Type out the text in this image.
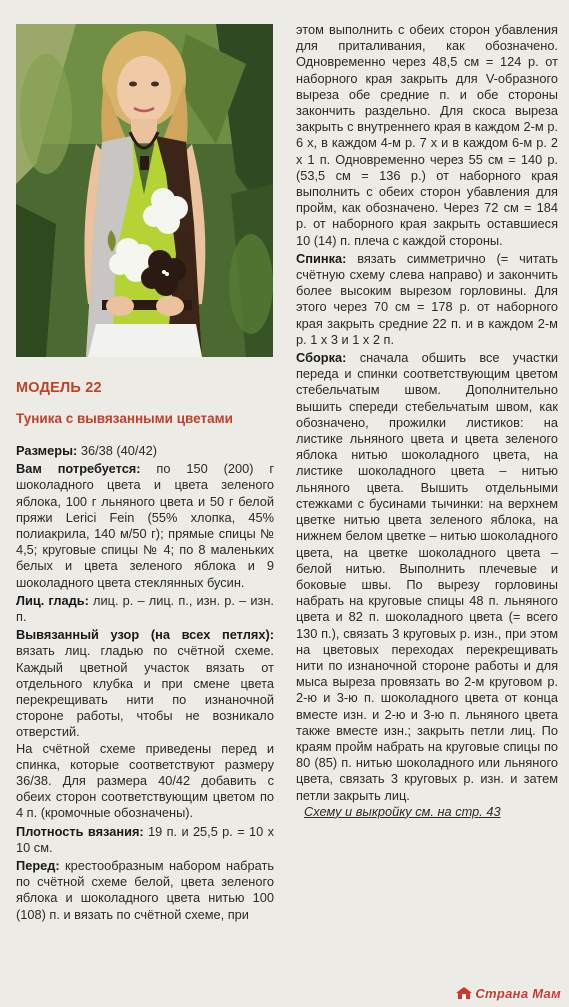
МОДЕЛЬ 22
Туника с вывязанными цветами

Размеры: 36/38 (40/42)

Вам потребуется: по 150 (200) г шоколадного цвета и цвета зеленого яблока, 100 г льняного цвета и 50 г белой пряжи Lerici Fein (55% хлопка, 45% полиакрила, 140 м/50 г); прямые спицы № 4,5; круговые спицы № 4; по 8 маленьких белых и цвета зеленого яблока и 9 шоколадного цвета стеклянных бусин.

Лиц. гладь: лиц. р. – лиц. п., изн. р. – изн. п.

Вывязанный узор (на всех петлях): вязать лиц. гладью по счётной схеме. Каждый цветной участок вязать от отдельного клубка и при смене цвета перекрещивать нити по изнаночной стороне работы, чтобы не возникало отверстий.

На счётной схеме приведены перед и спинка, которые соответствуют размеру 36/38. Для размера 40/42 добавить с обеих сторон соответствующим цветом по 4 п. (кромочные обозначены).

Плотность вязания: 19 п. и 25,5 р. = 10 х 10 см.

Перед: крестообразным набором набрать по счётной схеме белой, цвета зеленого яблока и шоколадного цвета нитью 100 (108) п. и вязать по счётной схеме, при

этом выполнить с обеих сторон убавления для приталивания, как обозначено. Одновременно через 48,5 см = 124 р. от наборного края закрыть для V-образного выреза обе средние п. и обе стороны закончить раздельно. Для скоса выреза закрыть с внутреннего края в каждом 2-м р. 6 х, в каждом 4-м р. 7 х и в каждом 6-м р. 2 х 1 п. Одновременно через 55 см = 140 р. (53,5 см = 136 р.) от наборного края выполнить с обеих сторон убавления для пройм, как обозначено. Через 72 см = 184 р. от наборного края закрыть оставшиеся 10 (14) п. плеча с каждой стороны.

Спинка: вязать симметрично (= читать счётную схему слева направо) и закончить более высоким вырезом горловины. Для этого через 70 см = 178 р. от наборного края закрыть средние 22 п. и в каждом 2-м р. 1 х 3 и 1 х 2 п.

Сборка: сначала обшить все участки переда и спинки соответствующим цветом стебельчатым швом. Дополнительно вышить спереди стебельчатым швом, как обозначено, прожилки листиков: на листике льняного цвета и цвета зеленого яблока нитью шоколадного цвета, на листике шоколадного цвета – нитью льняного цвета. Вышить отдельными стежками с бусинами тычинки: на верхнем цветке нитью цвета зеленого яблока, на нижнем белом цветке – нитью шоколадного цвета, на цветке шоколадного цвета – белой нитью. Выполнить плечевые и боковые швы. По вырезу горловины набрать на круговые спицы 48 п. льняного цвета и 82 п. шоколадного цвета (= всего 130 п.), связать 3 круговых р. изн., при этом на цветовых переходах перекрещивать нити по изнаночной стороне работы и для мыса выреза провязать во 2-м круговом р. 2-ю и 3-ю п. шоколадного цвета от конца вместе изн. и 2-ю и 3-ю п. льняного цвета также вместе изн.; закрыть петли лиц. По краям пройм набрать на круговые спицы по 80 (85) п. нитью шоколадного или льняного цвета, связать 3 круговых р. изн. и затем петли закрыть лиц.

Схему и выкройку см. на стр. 43
Страна Мам
